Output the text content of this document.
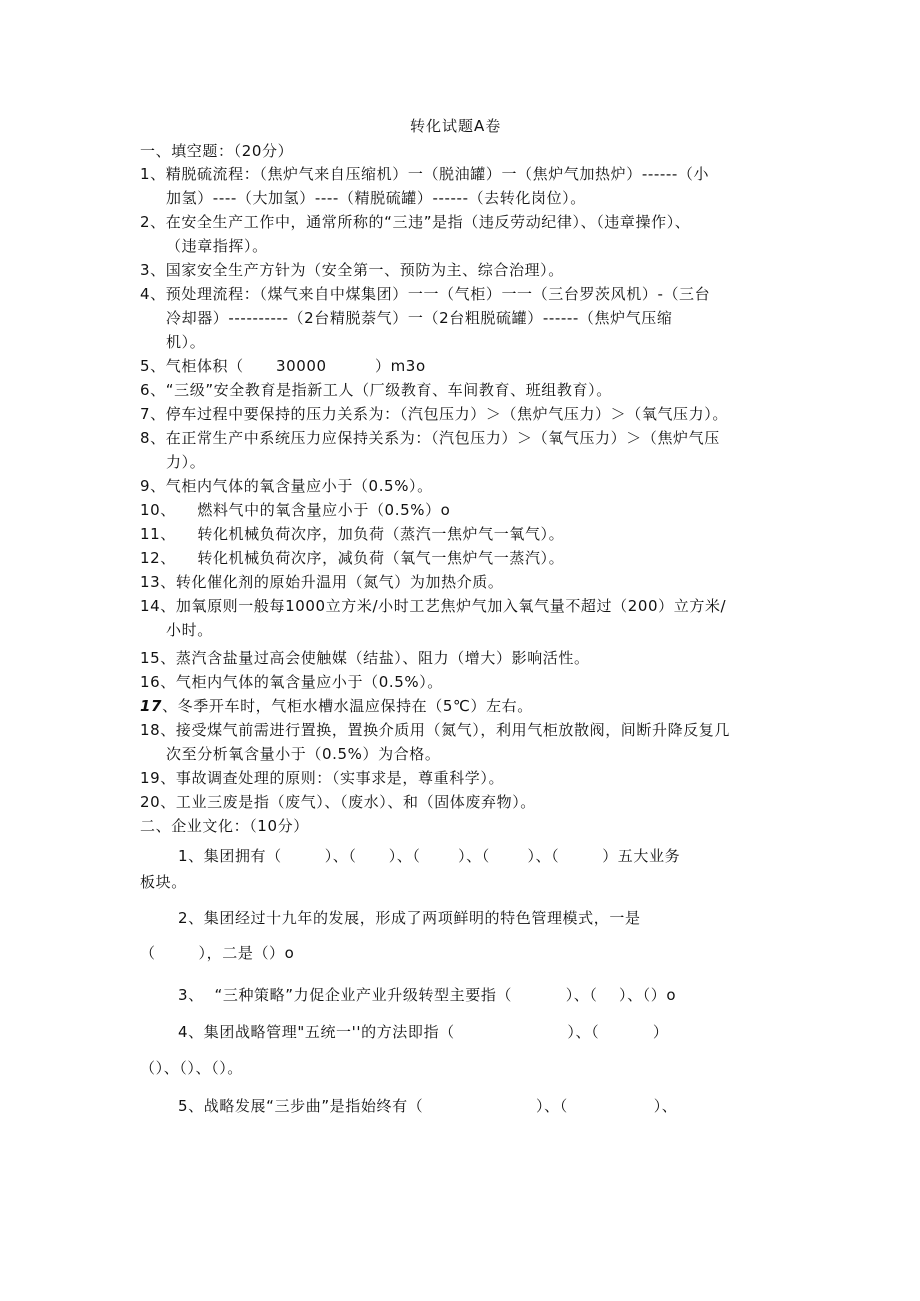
转化试题A卷
一、填空题：（20分）
1、精脱硫流程：（焦炉气来自压缩机）一（脱油罐）一（焦炉气加热炉）------（小
加氢）----（大加氢）----（精脱硫罐）------（去转化岗位）。
2、在安全生产工作中，通常所称的“三违”是指（违反劳动纪律）、（违章操作）、
（违章指挥）。
3、国家安全生产方针为（安全第一、预防为主、综合治理）。
4、预处理流程：（煤气来自中煤集团）一一（气柜）一一（三台罗茨风机）-（三台
冷却器）----------（2台精脱萘气）一（2台粗脱硫罐）------（焦炉气压缩
机）。
5、气柜体积（      30000         ）m3o
6、“三级”安全教育是指新工人（厂级教育、车间教育、班组教育）。
7、停车过程中要保持的压力关系为：（汽包压力）＞（焦炉气压力）＞（氧气压力）。
8、在正常生产中系统压力应保持关系为：（汽包压力）＞（氧气压力）＞（焦炉气压
力）。
9、气柜内气体的氧含量应小于（0.5%）。
10、    燃料气中的氧含量应小于（0.5%）o
11、    转化机械负荷次序，加负荷（蒸汽一焦炉气一氧气）。
12、    转化机械负荷次序，减负荷（氧气一焦炉气一蒸汽）。
13、转化催化剂的原始升温用（氮气）为加热介质。
14、加氧原则一般每1000立方米/小时工艺焦炉气加入氧气量不超过（200）立方米/
小时。
15、蒸汽含盐量过高会使触媒（结盐）、阻力（增大）影响活性。
16、气柜内气体的氧含量应小于（0.5%）。
17、冬季开车时，气柜水槽水温应保持在（5℃）左右。
18、接受煤气前需进行置换，置换介质用（氮气），利用气柜放散阀，间断升降反复几
次至分析氧含量小于（0.5%）为合格。
19、事故调查处理的原则：（实事求是，尊重科学）。
20、工业三废是指（废气）、（废水）、和（固体废弃物）。
二、企业文化：（10分）
1、集团拥有（        ）、（      ）、（       ）、（       ）、（        ）五大业务
板块。
2、集团经过十九年的发展，形成了两项鲜明的特色管理模式，一是
（        ），二是（）o
3、  “三种策略”力促企业产业升级转型主要指（          ）、（    ）、（）o
4、集团战略管理"五统一''的方法即指（                     ）、（          ）
（）、（）、（）。
5、战略发展“三步曲”是指始终有（                     ）、（                ）、
